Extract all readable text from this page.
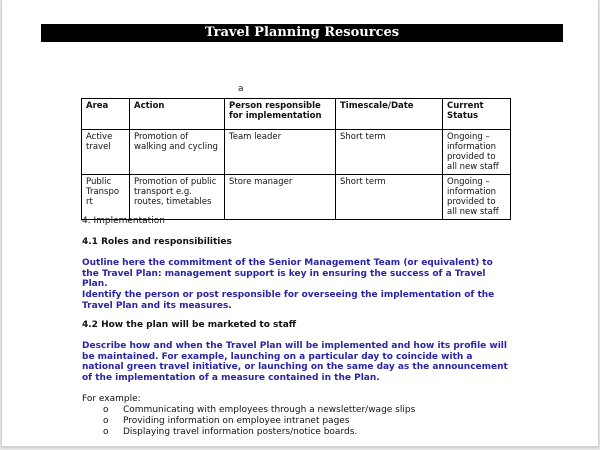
Travel Planning Resources
a
Area	Action	Person responsible for implementation	Timescale/Date	Current Status
Active travel	Promotion of walking and cycling	Team leader	Short term	Ongoing – information provided to all new staff
Public Transpo rt	Promotion of public transport e.g. routes, timetables	Store manager	Short term	Ongoing – information provided to all new staff
4. Implementation
4.1 Roles and responsibilities
Outline here the commitment of the Senior Management Team (or equivalent) to the Travel Plan: management support is key in ensuring the success of a Travel Plan.
Identify the person or post responsible for overseeing the implementation of the Travel Plan and its measures.
4.2 How the plan will be marketed to staff
Describe how and when the Travel Plan will be implemented and how its profile will be maintained. For example, launching on a particular day to coincide with a national green travel initiative, or launching on the same day as the announcement of the implementation of a measure contained in the Plan.
For example:
o Communicating with employees through a newsletter/wage slips
o Providing information on employee intranet pages
o Displaying travel information posters/notice boards.
